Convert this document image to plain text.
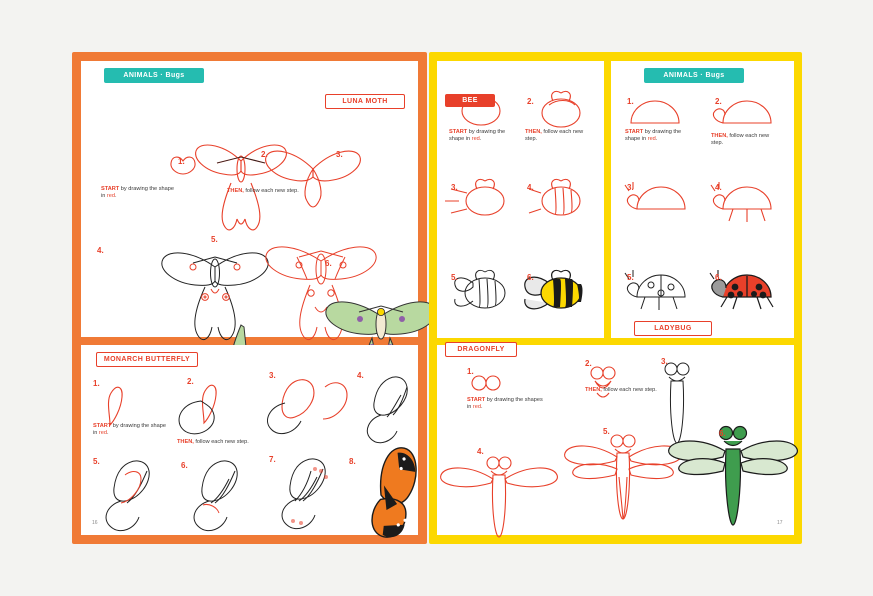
1.
2.	3.
4.
5.
6.
START by drawing the shape in red.
THEN, follow each new step.
1.	2.
3.	4.
5.	6.
7.	8.
START by drawing the shape in red.
THEN, follow each new step.
ANIMALS · Bugs
LUNA MOTH
MONARCH BUTTERFLY
16
2.
3.	4.
5.	6.
START by drawing the shape in red.
THEN, follow each new step.
1.	2.
3.	4.
5.	6.
START by drawing the shape in red.
THEN, follow each new step.
1.
2.	3.
4.
5.	6.
START by drawing the shapes in red.
THEN, follow each new step.
ANIMALS · Bugs
BEE
LADYBUG
DRAGONFLY
17
